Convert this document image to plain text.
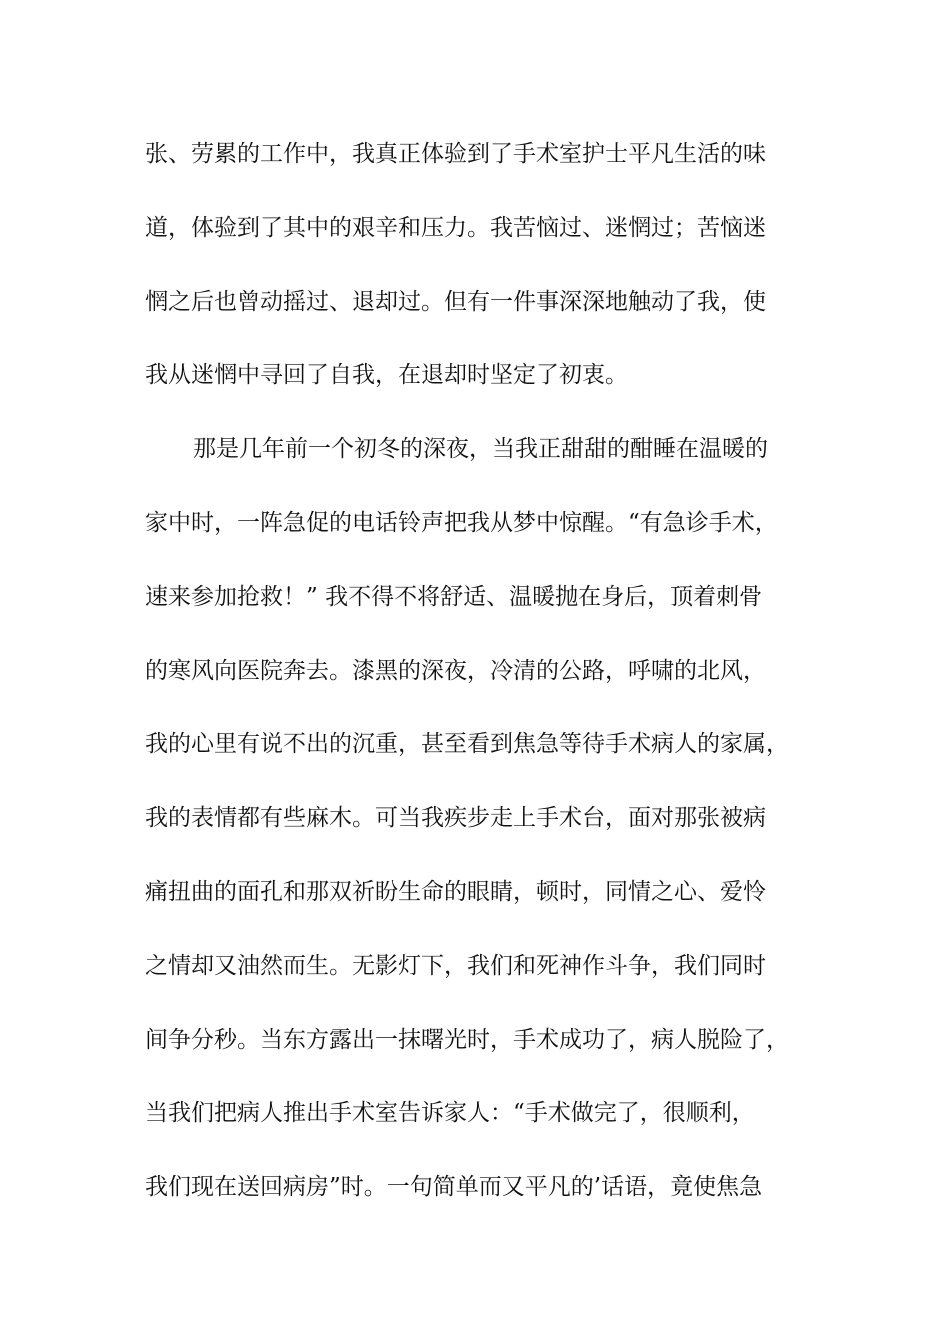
张、劳累的工作中，我真正体验到了手术室护士平凡生活的味
道，体验到了其中的艰辛和压力。我苦恼过、迷惘过；苦恼迷
惘之后也曾动摇过、退却过。但有一件事深深地触动了我，使
我从迷惘中寻回了自我，在退却时坚定了初衷。
那是几年前一个初冬的深夜，当我正甜甜的酣睡在温暖的
家中时，一阵急促的电话铃声把我从梦中惊醒。“有急诊手术，
速来参加抢救！” 我不得不将舒适、温暖抛在身后，顶着刺骨
的寒风向医院奔去。漆黑的深夜，冷清的公路，呼啸的北风，
我的心里有说不出的沉重，甚至看到焦急等待手术病人的家属，
我的表情都有些麻木。可当我疾步走上手术台，面对那张被病
痛扭曲的面孔和那双祈盼生命的眼睛，顿时，同情之心、爱怜
之情却又油然而生。无影灯下，我们和死神作斗争，我们同时
间争分秒。当东方露出一抹曙光时，手术成功了，病人脱险了，
当我们把病人推出手术室告诉家人：“手术做完了，很顺利，
我们现在送回病房”时。一句简单而又平凡的’话语，竟使焦急
